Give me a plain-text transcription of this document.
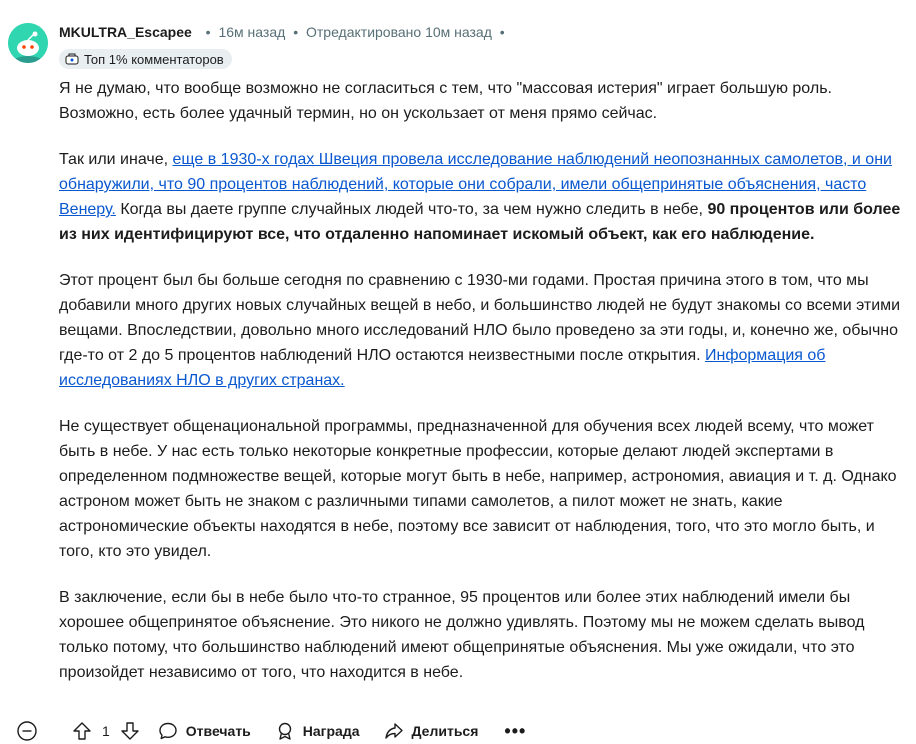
MKULTRA_Escapee • 16м назад • Отредактировано 10м назад •
Топ 1% комментаторов

Я не думаю, что вообще возможно не согласиться с тем, что "массовая истерия" играет большую роль. Возможно, есть более удачный термин, но он ускользает от меня прямо сейчас.

Так или иначе, еще в 1930-х годах Швеция провела исследование наблюдений неопознанных самолетов, и они обнаружили, что 90 процентов наблюдений, которые они собрали, имели общепринятые объяснения, часто Венеру. Когда вы даете группе случайных людей что-то, за чем нужно следить в небе, 90 процентов или более из них идентифицируют все, что отдаленно напоминает искомый объект, как его наблюдение.

Этот процент был бы больше сегодня по сравнению с 1930-ми годами. Простая причина этого в том, что мы добавили много других новых случайных вещей в небо, и большинство людей не будут знакомы со всеми этими вещами. Впоследствии, довольно много исследований НЛО было проведено за эти годы, и, конечно же, обычно где-то от 2 до 5 процентов наблюдений НЛО остаются неизвестными после открытия. Информация об исследованиях НЛО в других странах.

Не существует общенациональной программы, предназначенной для обучения всех людей всему, что может быть в небе. У нас есть только некоторые конкретные профессии, которые делают людей экспертами в определенном подмножестве вещей, которые могут быть в небе, например, астрономия, авиация и т. д. Однако астроном может быть не знаком с различными типами самолетов, а пилот может не знать, какие астрономические объекты находятся в небе, поэтому все зависит от наблюдения, того, что это могло быть, и того, кто это увидел.

В заключение, если бы в небе было что-то странное, 95 процентов или более этих наблюдений имели бы хорошее общепринятое объяснение. Это никого не должно удивлять. Поэтому мы не можем сделать вывод только потому, что большинство наблюдений имеют общепринятые объяснения. Мы уже ожидали, что это произойдет независимо от того, что находится в небе.

1	Отвечать	Награда	Делиться •••
